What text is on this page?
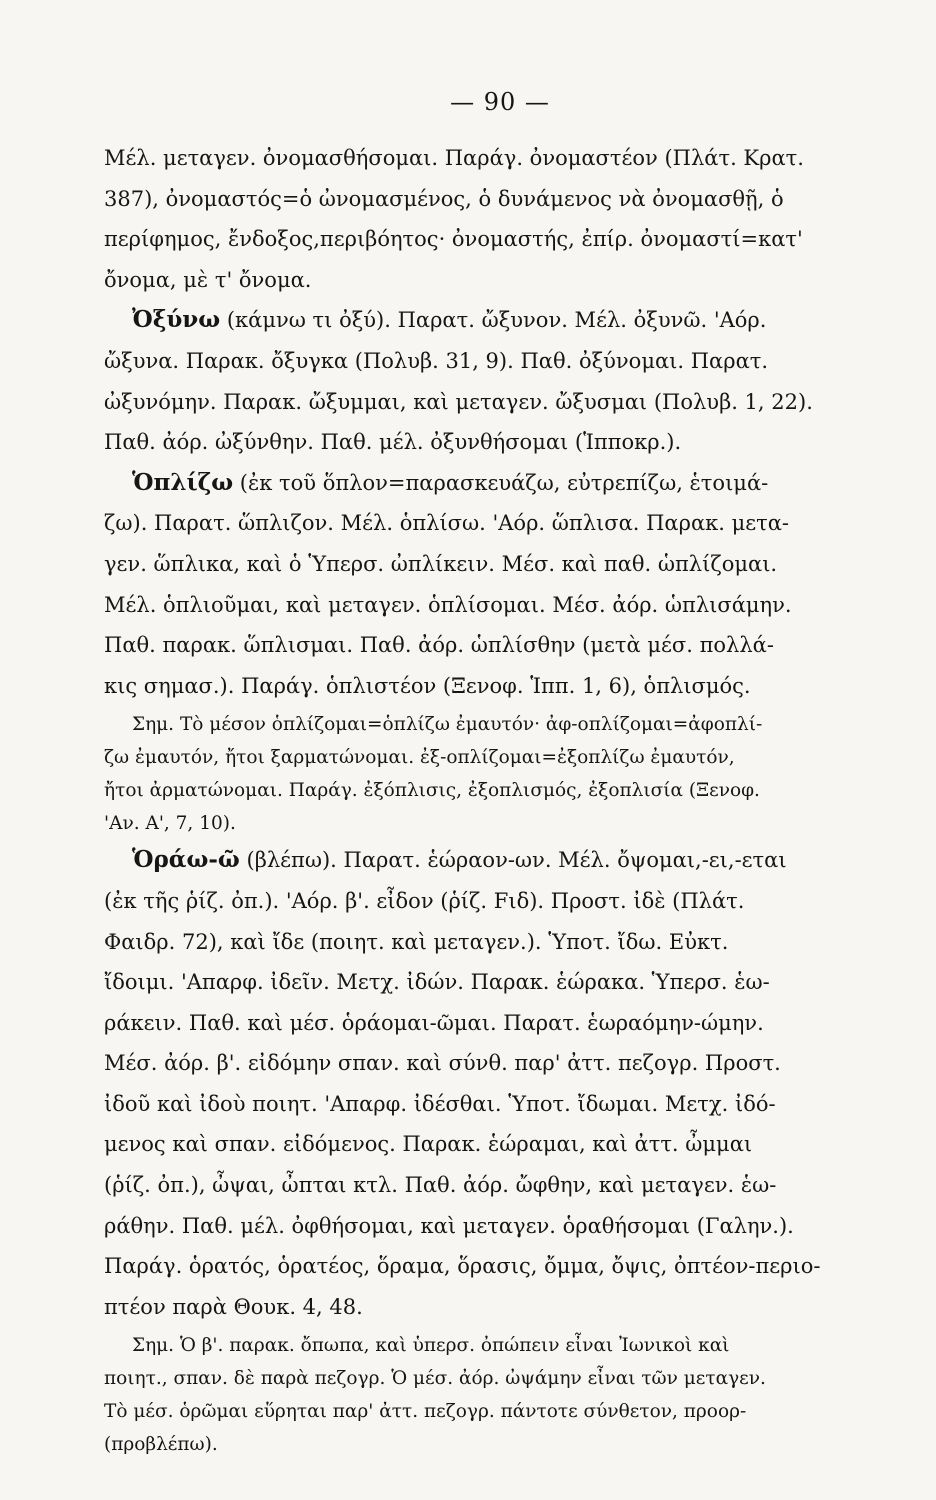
— 90 —
Μέλ. μεταγεν. ὀνομασθήσομαι. Παράγ. ὀνομαστέον (Πλάτ. Κρατ.
387), ὀνομαστός=ὁ ὠνομασμένος, ὁ δυνάμενος νὰ ὀνομασθῇ, ὁ
περίφημος, ἔνδοξος,περιβόητος· ὀνομαστής, ἐπίρ. ὀνομαστί=κατ'
ὄνομα, μὲ τ' ὄνομα.
Ὀξύνω (κάμνω τι ὀξύ). Παρατ. ὤξυνον. Μέλ. ὀξυνῶ. 'Αόρ.
ὤξυνα. Παρακ. ὄξυγκα (Πολυβ. 31, 9). Παθ. ὀξύνομαι. Παρατ.
ὠξυνόμην. Παρακ. ὤξυμμαι, καὶ μεταγεν. ὤξυσμαι (Πολυβ. 1, 22).
Παθ. ἀόρ. ὠξύνθην. Παθ. μέλ. ὀξυνθήσομαι (Ἱπποκρ.).
Ὁπλίζω (ἐκ τοῦ ὅπλον=παρασκευάζω, εὐτρεπίζω, ἑτοιμά-
ζω). Παρατ. ὥπλιζον. Μέλ. ὁπλίσω. 'Αόρ. ὥπλισα. Παρακ. μετα-
γεν. ὥπλικα, καὶ ὁ Ὑπερσ. ὠπλίκειν. Μέσ. καὶ παθ. ὡπλίζομαι.
Μέλ. ὁπλιοῦμαι, καὶ μεταγεν. ὁπλίσομαι. Μέσ. ἀόρ. ὡπλισάμην.
Παθ. παρακ. ὥπλισμαι. Παθ. ἀόρ. ὡπλίσθην (μετὰ μέσ. πολλά-
κις σημασ.). Παράγ. ὁπλιστέον (Ξενοφ. Ἱππ. 1, 6), ὁπλισμός.
Σημ. Τὸ μέσον ὁπλίζομαι=ὁπλίζω ἐμαυτόν· ἀφ-οπλίζομαι=ἀφοπλί-
ζω ἐμαυτόν, ἤτοι ξαρματώνομαι. ἐξ-οπλίζομαι=ἐξοπλίζω ἐμαυτόν,
ἤτοι ἀρματώνομαι. Παράγ. ἐξόπλισις, ἐξοπλισμός, ἐξοπλισία (Ξενοφ.
'Αν. Α', 7, 10).
Ὁράω-ῶ (βλέπω). Παρατ. ἑώραον-ων. Μέλ. ὄψομαι,-ει,-εται
(ἐκ τῆς ῥίζ. ὀπ.). 'Αόρ. β'. εἶδον (ῥίζ. Fιδ). Προστ. ἰδὲ (Πλάτ.
Φαιδρ. 72), καὶ ἴδε (ποιητ. καὶ μεταγεν.). Ὑποτ. ἴδω. Εὐκτ.
ἴδοιμι. 'Απαρφ. ἰδεῖν. Μετχ. ἰδών. Παρακ. ἑώρακα. Ὑπερσ. ἑω-
ράκειν. Παθ. καὶ μέσ. ὁράομαι-ῶμαι. Παρατ. ἑωραόμην-ώμην.
Μέσ. ἀόρ. β'. εἰδόμην σπαν. καὶ σύνθ. παρ' ἀττ. πεζογρ. Προστ.
ἰδοῦ καὶ ἰδοὺ ποιητ. 'Απαρφ. ἰδέσθαι. Ὑποτ. ἴδωμαι. Μετχ. ἰδό-
μενος καὶ σπαν. εἰδόμενος. Παρακ. ἑώραμαι, καὶ ἀττ. ὦμμαι
(ῥίζ. ὀπ.), ὦψαι, ὦπται κτλ. Παθ. ἀόρ. ὤφθην, καὶ μεταγεν. ἑω-
ράθην. Παθ. μέλ. ὀφθήσομαι, καὶ μεταγεν. ὁραθήσομαι (Γαλην.).
Παράγ. ὁρατός, ὁρατέος, ὅραμα, ὅρασις, ὄμμα, ὄψις, ὀπτέον-περιο-
πτέον παρὰ Θουκ. 4, 48.
Σημ. Ὁ β'. παρακ. ὄπωπα, καὶ ὑπερσ. ὀπώπειν εἶναι Ἰωνικοὶ καὶ
ποιητ., σπαν. δὲ παρὰ πεζογρ. Ὁ μέσ. ἀόρ. ὠψάμην εἶναι τῶν μεταγεν.
Τὸ μέσ. ὁρῶμαι εὕρηται παρ' ἀττ. πεζογρ. πάντοτε σύνθετον, προορ-
(προβλέπω).
